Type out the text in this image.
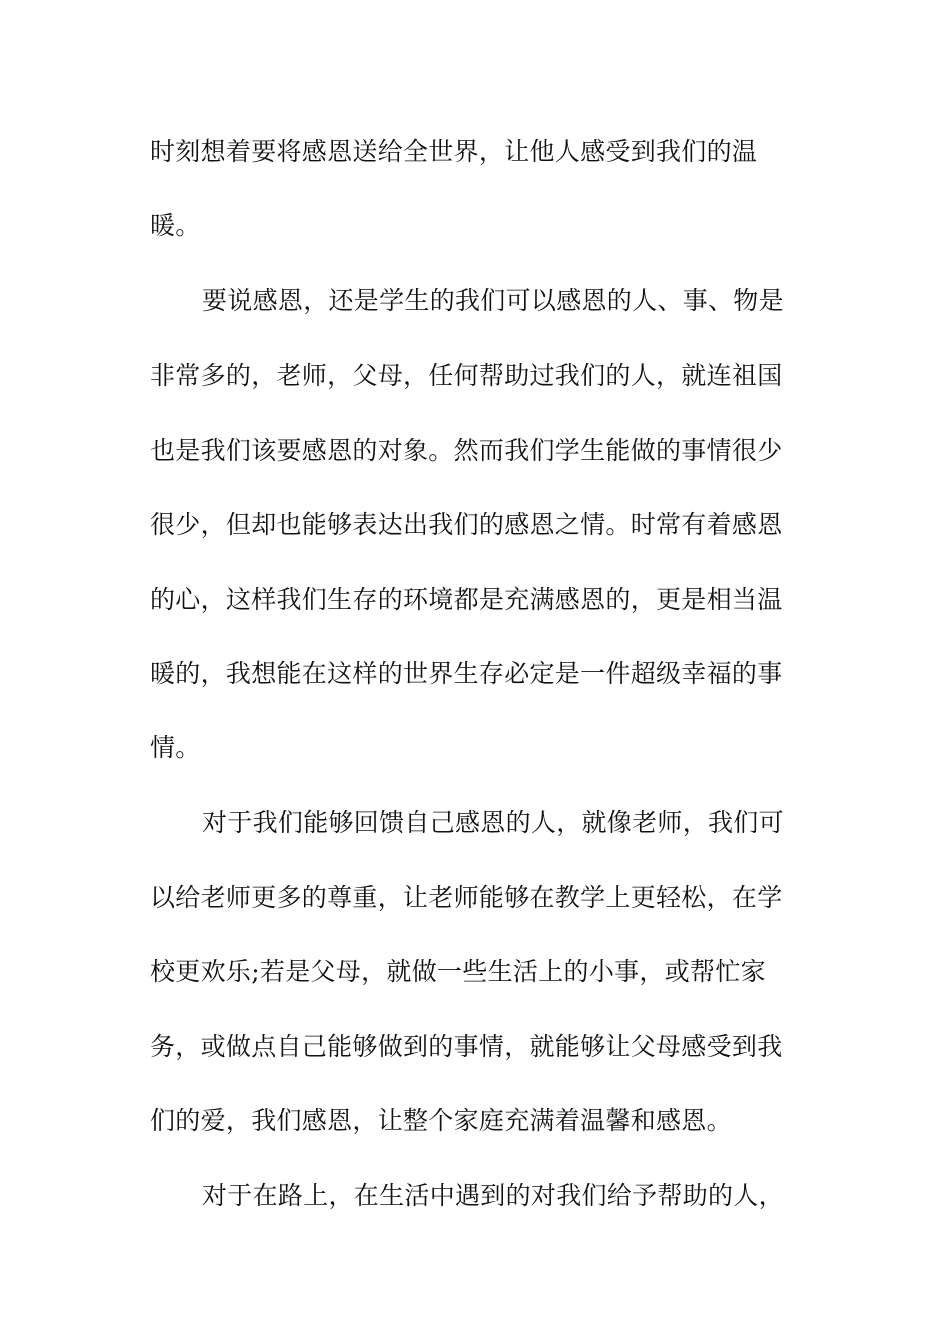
时刻想着要将感恩送给全世界，让他人感受到我们的温

暖。

要说感恩，还是学生的我们可以感恩的人、事、物是

非常多的，老师，父母，任何帮助过我们的人，就连祖国

也是我们该要感恩的对象。然而我们学生能做的事情很少

很少，但却也能够表达出我们的感恩之情。时常有着感恩

的心，这样我们生存的环境都是充满感恩的，更是相当温

暖的，我想能在这样的世界生存必定是一件超级幸福的事

情。

对于我们能够回馈自己感恩的人，就像老师，我们可

以给老师更多的尊重，让老师能够在教学上更轻松，在学

校更欢乐;若是父母，就做一些生活上的小事，或帮忙家

务，或做点自己能够做到的事情，就能够让父母感受到我

们的爱，我们感恩，让整个家庭充满着温馨和感恩。

对于在路上，在生活中遇到的对我们给予帮助的人，
